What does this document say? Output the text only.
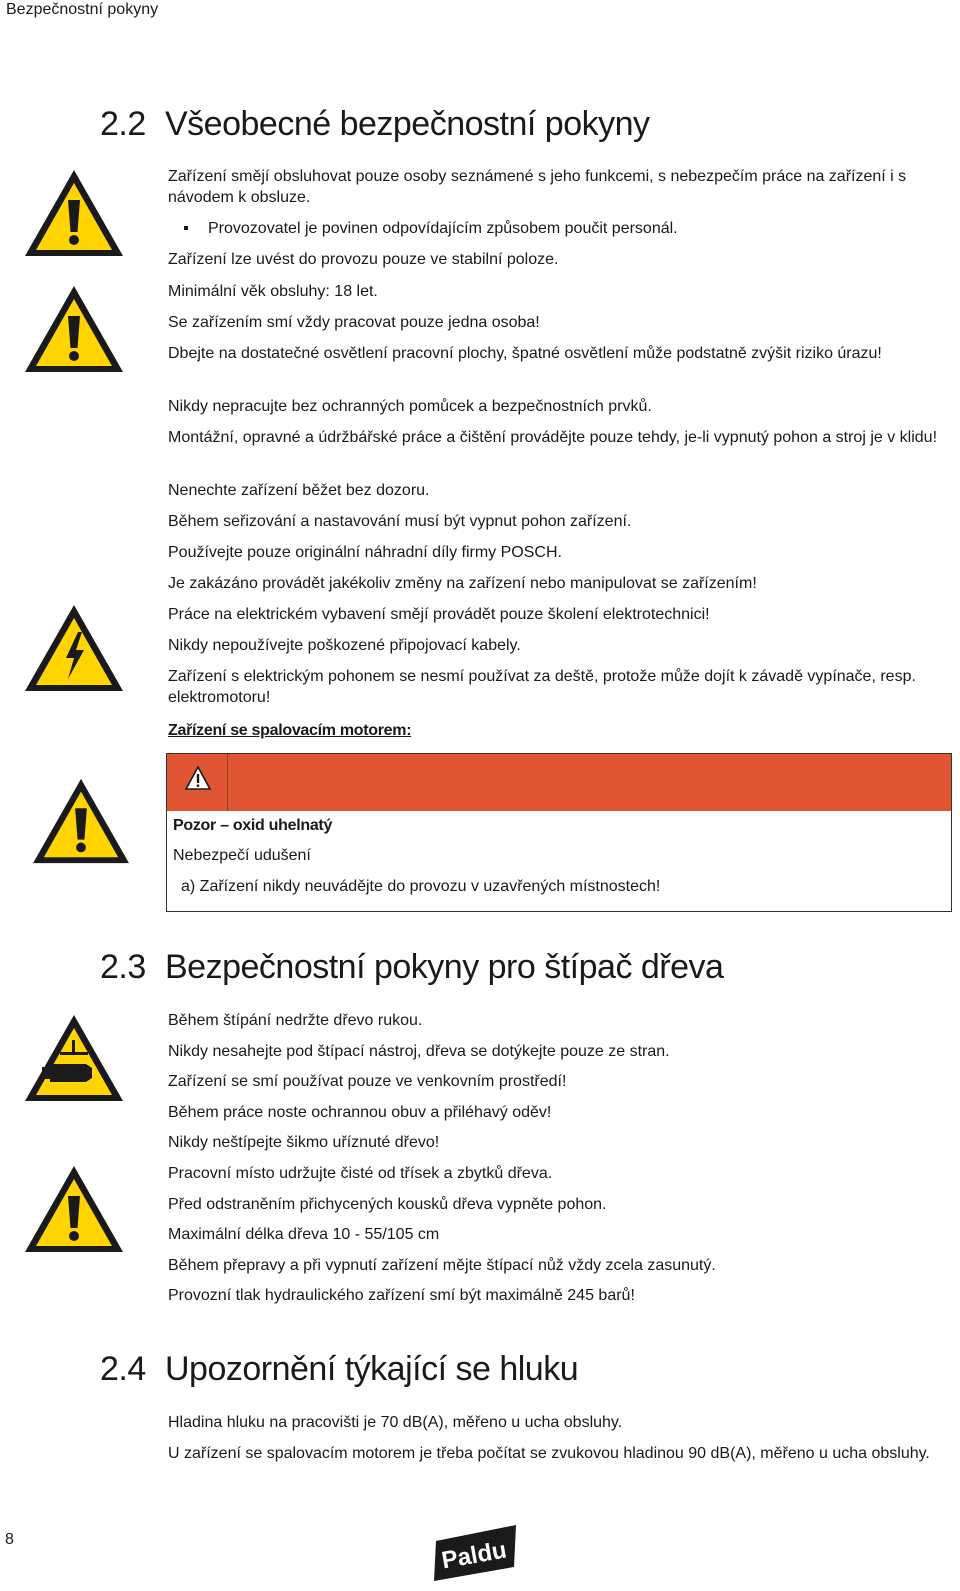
Bezpečnostní pokyny
2.2 Všeobecné bezpečnostní pokyny

Zařízení smějí obsluhovat pouze osoby seznámené s jeho funkcemi, s nebezpečím práce na zařízení i s návodem k obsluze.

Provozovatel je povinen odpovídajícím způsobem poučit personál.

Zařízení lze uvést do provozu pouze ve stabilní poloze.

Minimální věk obsluhy: 18 let.

Se zařízením smí vždy pracovat pouze jedna osoba!

Dbejte na dostatečné osvětlení pracovní plochy, špatné osvětlení může podstatně zvýšit riziko úrazu!

Nikdy nepracujte bez ochranných pomůcek a bezpečnostních prvků.

Montážní, opravné a údržbářské práce a čištění provádějte pouze tehdy, je-li vypnutý pohon a stroj je v klidu!

Nenechte zařízení běžet bez dozoru.

Během seřizování a nastavování musí být vypnut pohon zařízení.

Používejte pouze originální náhradní díly firmy POSCH.

Je zakázáno provádět jakékoliv změny na zařízení nebo manipulovat se zařízením!

Práce na elektrickém vybavení smějí provádět pouze školení elektrotechnici!

Nikdy nepoužívejte poškozené připojovací kabely.

Zařízení s elektrickým pohonem se nesmí používat za deště, protože může dojít k závadě vypínače, resp. elektromotoru!

Zařízení se spalovacím motorem:

Pozor – oxid uhelnatý
Nebezpečí udušení
a) Zařízení nikdy neuvádějte do provozu v uzavřených místnostech!
2.3 Bezpečnostní pokyny pro štípač dřeva

Během štípání nedržte dřevo rukou.

Nikdy nesahejte pod štípací nástroj, dřeva se dotýkejte pouze ze stran.

Zařízení se smí používat pouze ve venkovním prostředí!

Během práce noste ochrannou obuv a přiléhavý oděv!

Nikdy neštípejte šikmo uříznuté dřevo!

Pracovní místo udržujte čisté od třísek a zbytků dřeva.

Před odstraněním přichycených kousků dřeva vypněte pohon.

Maximální délka dřeva 10 - 55/105 cm

Během přepravy a při vypnutí zařízení mějte štípací nůž vždy zcela zasunutý.

Provozní tlak hydraulického zařízení smí být maximálně 245 barů!

2.4 Upozornění týkající se hluku

Hladina hluku na pracovišti je 70 dB(A), měřeno u ucha obsluhy.

U zařízení se spalovacím motorem je třeba počítat se zvukovou hladinou 90 dB(A), měřeno u ucha obsluhy.

8	Paldu
